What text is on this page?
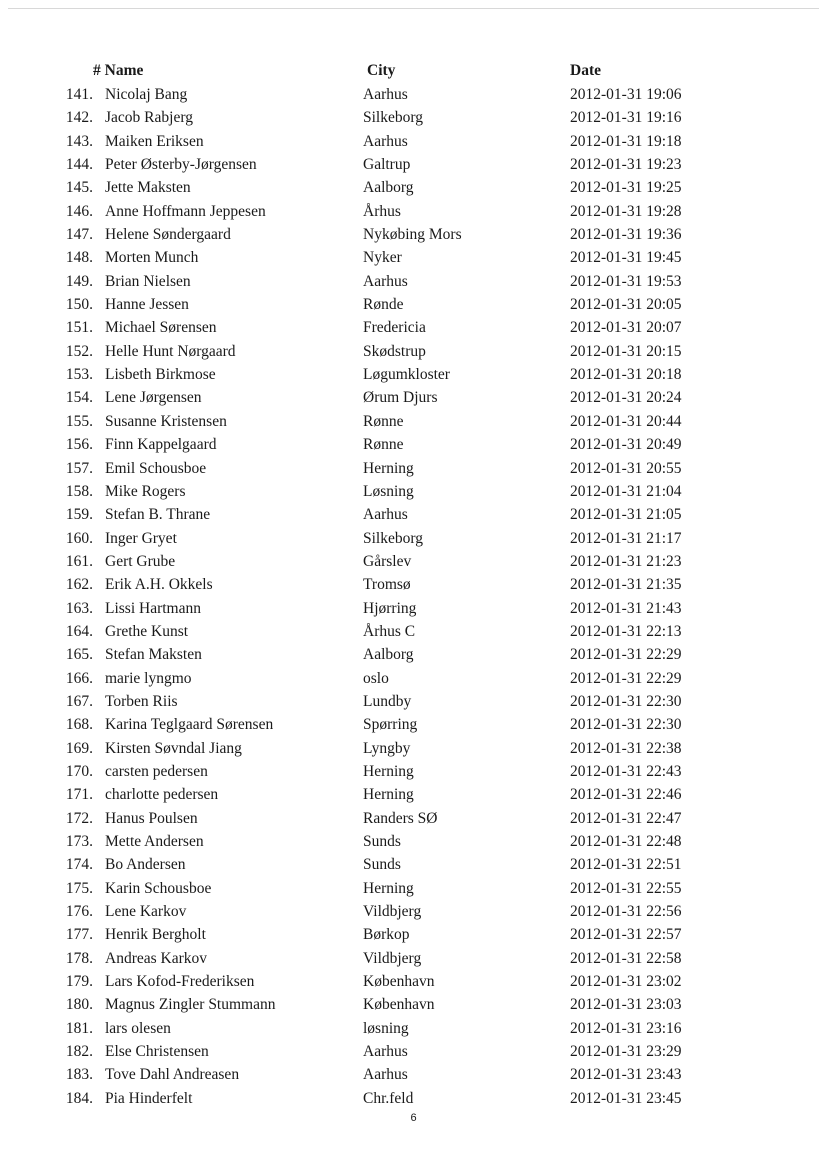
# Name	City	Date
141. Nicolaj Bang	Aarhus	2012-01-31 19:06
142. Jacob Rabjerg	Silkeborg	2012-01-31 19:16
143. Maiken Eriksen	Aarhus	2012-01-31 19:18
144. Peter Østerby-Jørgensen	Galtrup	2012-01-31 19:23
145. Jette Maksten	Aalborg	2012-01-31 19:25
146. Anne Hoffmann Jeppesen	Århus	2012-01-31 19:28
147. Helene Søndergaard	Nykøbing Mors	2012-01-31 19:36
148. Morten Munch	Nyker	2012-01-31 19:45
149. Brian Nielsen	Aarhus	2012-01-31 19:53
150. Hanne Jessen	Rønde	2012-01-31 20:05
151. Michael Sørensen	Fredericia	2012-01-31 20:07
152. Helle Hunt Nørgaard	Skødstrup	2012-01-31 20:15
153. Lisbeth Birkmose	Løgumkloster	2012-01-31 20:18
154. Lene Jørgensen	Ørum Djurs	2012-01-31 20:24
155. Susanne Kristensen	Rønne	2012-01-31 20:44
156. Finn Kappelgaard	Rønne	2012-01-31 20:49
157. Emil Schousboe	Herning	2012-01-31 20:55
158. Mike Rogers	Løsning	2012-01-31 21:04
159. Stefan B. Thrane	Aarhus	2012-01-31 21:05
160. Inger Gryet	Silkeborg	2012-01-31 21:17
161. Gert Grube	Gårslev	2012-01-31 21:23
162. Erik A.H. Okkels	Tromsø	2012-01-31 21:35
163. Lissi Hartmann	Hjørring	2012-01-31 21:43
164. Grethe Kunst	Århus C	2012-01-31 22:13
165. Stefan Maksten	Aalborg	2012-01-31 22:29
166. marie lyngmo	oslo	2012-01-31 22:29
167. Torben Riis	Lundby	2012-01-31 22:30
168. Karina Teglgaard Sørensen	Spørring	2012-01-31 22:30
169. Kirsten Søvndal Jiang	Lyngby	2012-01-31 22:38
170. carsten pedersen	Herning	2012-01-31 22:43
171. charlotte pedersen	Herning	2012-01-31 22:46
172. Hanus Poulsen	Randers SØ	2012-01-31 22:47
173. Mette Andersen	Sunds	2012-01-31 22:48
174. Bo Andersen	Sunds	2012-01-31 22:51
175. Karin Schousboe	Herning	2012-01-31 22:55
176. Lene Karkov	Vildbjerg	2012-01-31 22:56
177. Henrik Bergholt	Børkop	2012-01-31 22:57
178. Andreas Karkov	Vildbjerg	2012-01-31 22:58
179. Lars Kofod-Frederiksen	København	2012-01-31 23:02
180. Magnus Zingler Stummann	København	2012-01-31 23:03
181. lars olesen	løsning	2012-01-31 23:16
182. Else Christensen	Aarhus	2012-01-31 23:29
183. Tove Dahl Andreasen	Aarhus	2012-01-31 23:43
184. Pia Hinderfelt	Chr.feld	2012-01-31 23:45
6
